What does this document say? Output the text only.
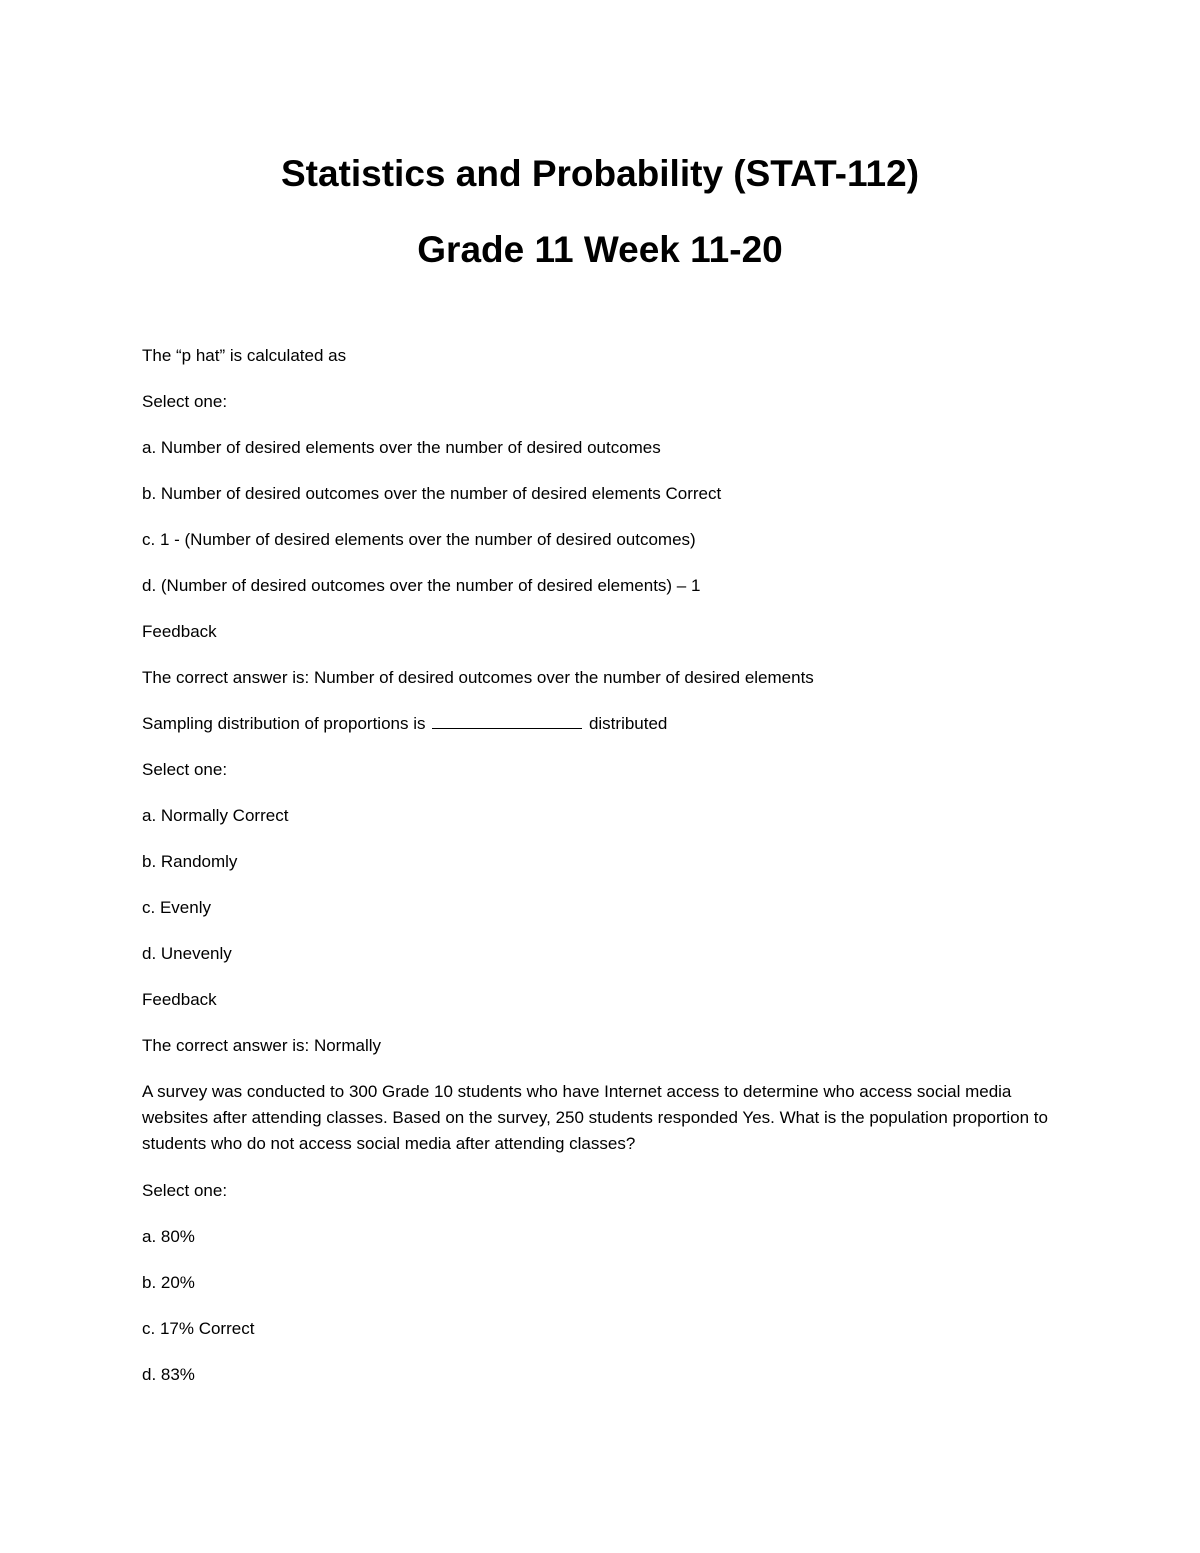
Statistics and Probability (STAT-112)
Grade 11 Week 11-20

The “p hat” is calculated as

Select one:

a. Number of desired elements over the number of desired outcomes

b. Number of desired outcomes over the number of desired elements Correct

c. 1 - (Number of desired elements over the number of desired outcomes)

d. (Number of desired outcomes over the number of desired elements) – 1

Feedback

The correct answer is: Number of desired outcomes over the number of desired elements

Sampling distribution of proportions is	distributed

Select one:

a. Normally Correct

b. Randomly

c. Evenly

d. Unevenly

Feedback

The correct answer is: Normally

A survey was conducted to 300 Grade 10 students who have Internet access to determine who access social media websites after attending classes. Based on the survey, 250 students responded Yes. What is the population proportion to students who do not access social media after attending classes?

Select one:

a. 80%

b. 20%

c. 17% Correct

d. 83%
